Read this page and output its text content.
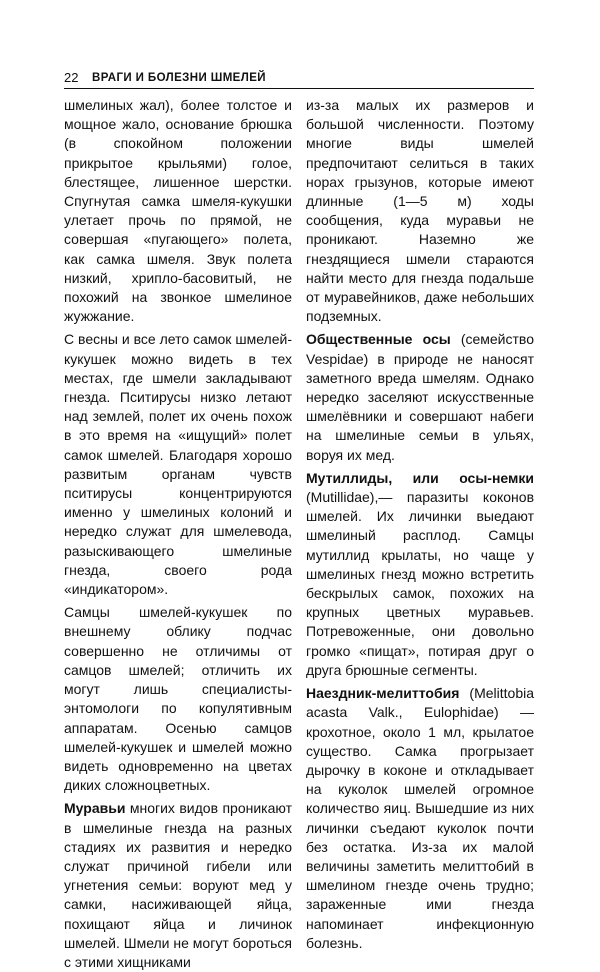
22 ВРАГИ И БОЛЕЗНИ ШМЕЛЕЙ

шмелиных жал), более толстое и мощное жало, основание брюшка (в спокойном положении прикрытое крыльями) голое, блестящее, лишенное шерстки. Спугнутая самка шмеля-кукушки улетает прочь по прямой, не совершая «пугающего» полета, как самка шмеля. Звук полета низкий, хрипло-басовитый, не похожий на звонкое шмелиное жужжание.

С весны и все лето самок шмелей-кукушек можно видеть в тех местах, где шмели закладывают гнезда. Пситирусы низко летают над землей, полет их очень похож в это время на «ищущий» полет самок шмелей. Благодаря хорошо развитым органам чувств пситирусы концентрируются именно у шмелиных колоний и нередко служат для шмелевода, разыскивающего шмелиные гнезда, своего рода «индикатором».

Самцы шмелей-кукушек по внешнему облику подчас совершенно не отличимы от самцов шмелей; отличить их могут лишь специалисты-энтомологи по копулятивным аппаратам. Осенью самцов шмелей-кукушек и шмелей можно видеть одновременно на цветах диких сложноцветных.

Муравьи многих видов проникают в шмелиные гнезда на разных стадиях их развития и нередко служат причиной гибели или угнетения семьи: воруют мед у самки, насиживающей яйца, похищают яйца и личинок шмелей. Шмели не могут бороться с этими хищниками

из-за малых их размеров и большой численности. Поэтому многие виды шмелей предпочитают селиться в таких норах грызунов, которые имеют длинные (1—5 м) ходы сообщения, куда муравьи не проникают. Наземно же гнездящиеся шмели стараются найти место для гнезда подальше от муравейников, даже небольших подземных.

Общественные осы (семейство Vespidae) в природе не наносят заметного вреда шмелям. Однако нередко заселяют искусственные шмелёвники и совершают набеги на шмелиные семьи в ульях, воруя их мед.

Мутиллиды, или осы-немки (Mutillidae),— паразиты коконов шмелей. Их личинки выедают шмелиный расплод. Самцы мутиллид крылаты, но чаще у шмелиных гнезд можно встретить бескрылых самок, похожих на крупных цветных муравьев. Потревоженные, они довольно громко «пищат», потирая друг о друга брюшные сегменты.

Наездник-мелиттобия (Melittobia acasta Valk., Eulophidae) — крохотное, около 1 мл, крылатое существо. Самка прогрызает дырочку в коконе и откладывает на куколок шмелей огромное количество яиц. Вышедшие из них личинки съедают куколок почти без остатка. Из-за их малой величины заметить мелиттобий в шмелином гнезде очень трудно; зараженные ими гнезда напоминает инфекционную болезнь.
